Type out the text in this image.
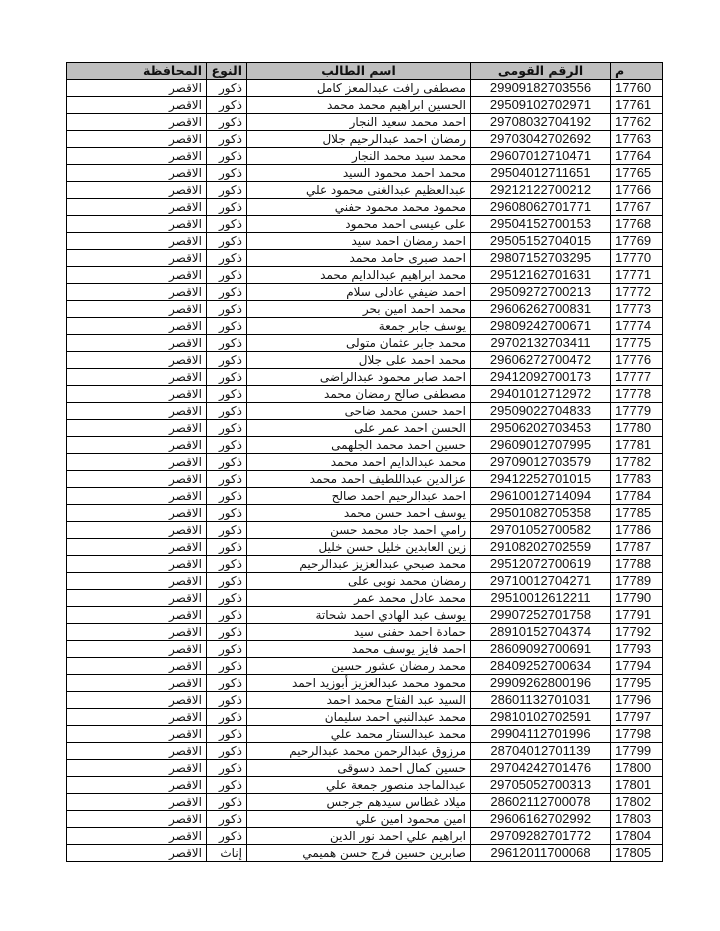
م	الرقم القومى	اسم الطالب	النوع	المحافظة
17760	29909182703556	مصطفى رافت عبدالمعز كامل	ذكور	الاقصر
17761	29509102702971	الحسين ابراهيم محمد محمد	ذكور	الاقصر
17762	29708032704192	احمد محمد سعيد النجار	ذكور	الاقصر
17763	29703042702692	رمضان احمد عبدالرحيم جلال	ذكور	الاقصر
17764	29607012710471	محمد سيد محمد النجار	ذكور	الاقصر
17765	29504012711651	محمد احمد محمود السيد	ذكور	الاقصر
17766	29212122700212	عبدالعظيم عبدالغنى محمود علي	ذكور	الاقصر
17767	29608062701771	محمود محمد محمود حفني	ذكور	الاقصر
17768	29504152700153	على عيسى احمد محمود	ذكور	الاقصر
17769	29505152704015	احمد رمضان احمد سيد	ذكور	الاقصر
17770	29807152703295	احمد صبرى حامد محمد	ذكور	الاقصر
17771	29512162701631	محمد ابراهيم عبدالدايم محمد	ذكور	الاقصر
17772	29509272700213	احمد ضيفي عادلى سلام	ذكور	الاقصر
17773	29606262700831	محمد احمد امين بحر	ذكور	الاقصر
17774	29809242700671	يوسف جابر جمعة	ذكور	الاقصر
17775	29702132703411	محمد جابر عثمان متولى	ذكور	الاقصر
17776	29606272700472	محمد احمد على جلال	ذكور	الاقصر
17777	29412092700173	احمد صابر محمود عبدالراضى	ذكور	الاقصر
17778	29401012712972	مصطفى صالح رمضان محمد	ذكور	الاقصر
17779	29509022704833	احمد حسن محمد ضاحى	ذكور	الاقصر
17780	29506202703453	الحسن احمد عمر على	ذكور	الاقصر
17781	29609012707995	حسين احمد محمد الجلهمى	ذكور	الاقصر
17782	29709012703579	محمد عبدالدايم احمد محمد	ذكور	الاقصر
17783	29412252701015	عزالدين عبداللطيف احمد محمد	ذكور	الاقصر
17784	29610012714094	احمد عبدالرحيم احمد صالح	ذكور	الاقصر
17785	29501082705358	يوسف احمد حسن محمد	ذكور	الاقصر
17786	29701052700582	رامي احمد جاد محمد حسن	ذكور	الاقصر
17787	29108202702559	زين العابدين خليل حسن خليل	ذكور	الاقصر
17788	29512072700619	محمد صبحي عبدالعزيز عبدالرحيم	ذكور	الاقصر
17789	29710012704271	رمضان محمد نوبى على	ذكور	الاقصر
17790	29510012612211	محمد عادل محمد عمر	ذكور	الاقصر
17791	29907252701758	يوسف عبد الهادي احمد شحاتة	ذكور	الاقصر
17792	28910152704374	حمادة احمد حفنى سيد	ذكور	الاقصر
17793	28609092700691	احمد فايز يوسف محمد	ذكور	الاقصر
17794	28409252700634	محمد رمضان عشور حسين	ذكور	الاقصر
17795	29909262800196	محمود محمد عبدالعزيز أبوزيد احمد	ذكور	الاقصر
17796	28601132701031	السيد عبد الفتاح محمد احمد	ذكور	الاقصر
17797	29810102702591	محمد عبدالنبي احمد سليمان	ذكور	الاقصر
17798	29904112701996	محمد عبدالستار محمد علي	ذكور	الاقصر
17799	28704012701139	مرزوق عبدالرحمن محمد عبدالرحيم	ذكور	الاقصر
17800	29704242701476	حسين كمال احمد دسوقى	ذكور	الاقصر
17801	29705052700313	عبدالماجد منصور جمعة علي	ذكور	الاقصر
17802	28602112700078	ميلاد غطاس سيدهم جرجس	ذكور	الاقصر
17803	29606162702992	امين محمود امين علي	ذكور	الاقصر
17804	29709282701772	ابراهيم علي احمد نور الدين	ذكور	الاقصر
17805	29612011700068	صابرين حسين فرج حسن هميمي	إناث	الاقصر
